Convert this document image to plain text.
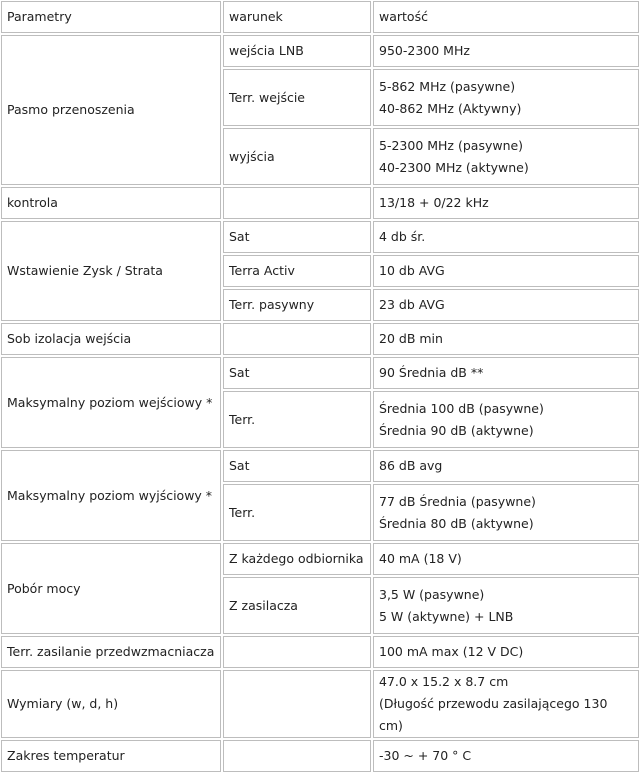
Parametry	warunek	wartość
Pasmo przenoszenia	wejścia LNB	950-2300 MHz
	Terr. wejście	5-862 MHz (pasywne)
40-862 MHz (Aktywny)

	wyjścia	5-2300 MHz (pasywne)
40-2300 MHz (aktywne)

kontrola		13/18 + 0/22 kHz
Wstawienie Zysk / Strata	Sat	4 db śr.
	Terra Activ	10 db AVG
	Terr. pasywny	23 db AVG
Sob izolacja wejścia		20 dB min
Maksymalny poziom wejściowy *	Sat	90 Średnia dB **
	Terr.	Średnia 100 dB (pasywne)
Średnia 90 dB (aktywne)

Maksymalny poziom wyjściowy *	Sat	86 dB avg
	Terr.	77 dB Średnia (pasywne)
Średnia 80 dB (aktywne)

Pobór mocy	Z każdego odbiornika	40 mA (18 V)
	Z zasilacza	3,5 W (pasywne)
5 W (aktywne) + LNB

Terr. zasilanie przedwzmacniacza		100 mA max (12 V DC)
Wymiary (w, d, h)		47.0 x 15.2 x 8.7 cm
(Długość przewodu zasilającego 130 cm)

Zakres temperatur		-30 ~ + 70 ° C
